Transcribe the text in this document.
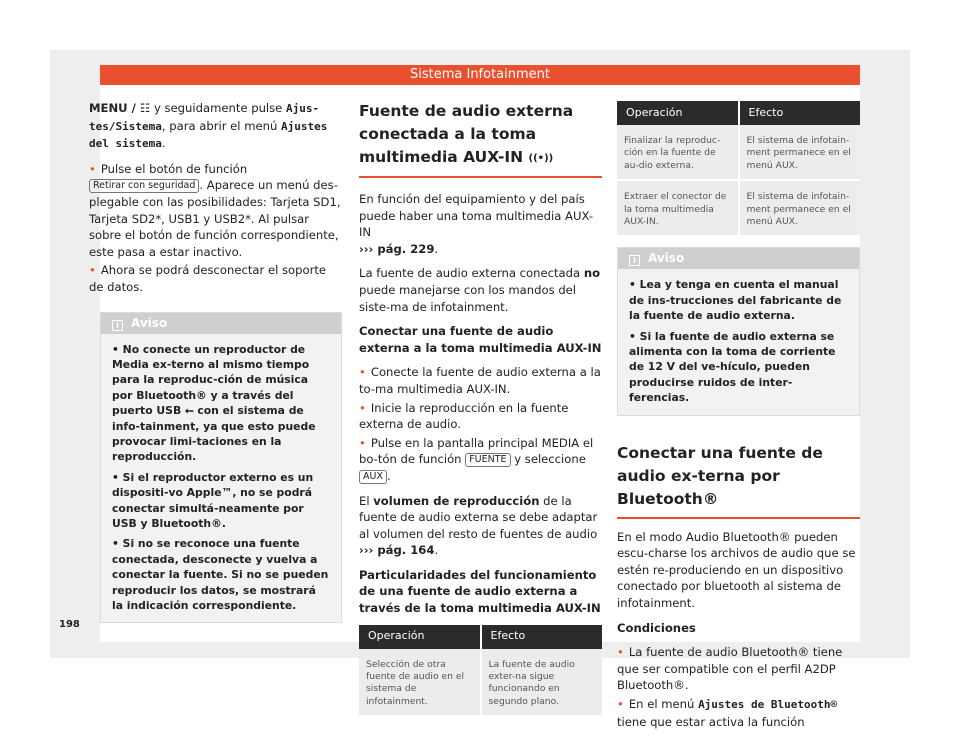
Sistema Infotainment

MENU / ☷ y seguidamente pulse Ajus-tes/Sistema, para abrir el menú Ajustes del sistema.

• Pulse el botón de función Retirar con seguridad . Aparece un menú des-plegable con las posibilidades: Tarjeta SD1, Tarjeta SD2*, USB1 y USB2*. Al pulsar sobre el botón de función correspondiente, este pasa a estar inactivo.

• Ahora se podrá desconectar el soporte de datos.

i Aviso

• No conecte un reproductor de Media ex-terno al mismo tiempo para la reproduc-ción de música por Bluetooth® y a través del puerto USB ⭠ con el sistema de info-tainment, ya que esto puede provocar limi-taciones en la reproducción.

• Si el reproductor externo es un dispositi-vo Apple™, no se podrá conectar simultá-neamente por USB y Bluetooth®.

• Si no se reconoce una fuente conectada, desconecte y vuelva a conectar la fuente. Si no se pueden reproducir los datos, se mostrará la indicación correspondiente.

Fuente de audio externa conectada a la toma multimedia AUX-IN ((•))

En función del equipamiento y del país puede haber una toma multimedia AUX-IN
››› pág. 229.

La fuente de audio externa conectada no puede manejarse con los mandos del siste-ma de infotainment.

Conectar una fuente de audio externa a la toma multimedia AUX-IN

• Conecte la fuente de audio externa a la to-ma multimedia AUX-IN.

• Inicie la reproducción en la fuente externa de audio.

• Pulse en la pantalla principal MEDIA el bo-tón de función FUENTE y seleccione AUX .

El volumen de reproducción de la fuente de audio externa se debe adaptar al volumen del resto de fuentes de audio ››› pág. 164.

Particularidades del funcionamiento de una fuente de audio externa a través de la toma multimedia AUX-IN

Operación	Efecto
Selección de otra fuente de audio en el sistema de infotainment.	La fuente de audio exter-na sigue funcionando en segundo plano.
Operación	Efecto
Finalizar la reproduc-ción en la fuente de au-dio externa.	El sistema de infotain-ment permanece en el menú AUX.
Extraer el conector de la toma multimedia AUX-IN.	El sistema de infotain-ment permanece en el menú AUX.
i Aviso

• Lea y tenga en cuenta el manual de ins-trucciones del fabricante de la fuente de audio externa.

• Si la fuente de audio externa se alimenta con la toma de corriente de 12 V del ve-hículo, pueden producirse ruidos de inter-ferencias.

Conectar una fuente de audio ex-terna por Bluetooth®

En el modo Audio Bluetooth® pueden escu-charse los archivos de audio que se estén re-produciendo en un dispositivo conectado por bluetooth al sistema de infotainment.

Condiciones

• La fuente de audio Bluetooth® tiene que ser compatible con el perfil A2DP Bluetooth®.

• En el menú Ajustes de Bluetooth® tiene que estar activa la función

198
